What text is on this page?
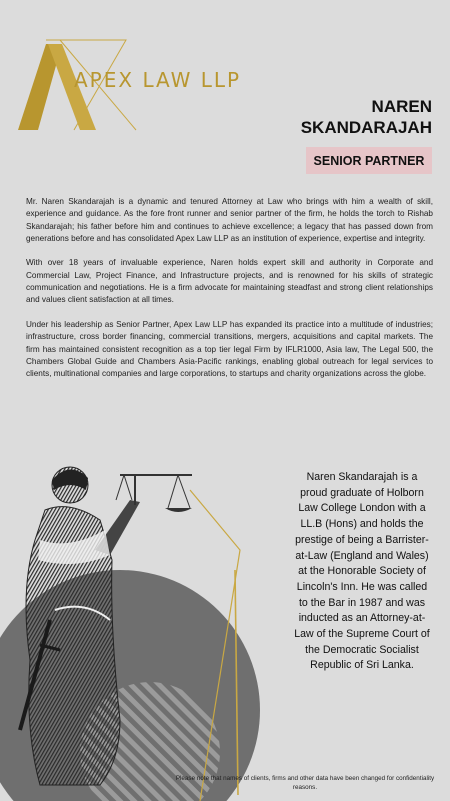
APEX LAW LLP
NAREN
SKANDARAJAH
SENIOR PARTNER

Mr. Naren Skandarajah is a dynamic and tenured Attorney at Law who brings with him a wealth of skill, experience and guidance. As the fore front runner and senior partner of the firm, he holds the torch to Rishab Skandarajah; his father before him and continues to achieve excellence; a legacy that has passed down from generations before and has consolidated Apex Law LLP as an institution of experience, expertise and integrity.

With over 18 years of invaluable experience, Naren holds expert skill and authority in Corporate and Commercial Law, Project Finance, and Infrastructure projects, and is renowned for his skills of strategic communication and negotiations. He is a firm advocate for maintaining steadfast and strong client relationships and values client satisfaction at all times.

Under his leadership as Senior Partner, Apex Law LLP has expanded its practice into a multitude of industries; infrastructure, cross border financing, commercial transitions, mergers, acquisitions and capital markets. The firm has maintained consistent recognition as a top tier legal Firm by IFLR1000, Asia law, The Legal 500, the Chambers Global Guide and Chambers Asia-Pacific rankings, enabling global outreach for legal services to clients, multinational companies and large corporations, to startups and charity organizations across the globe.

Naren Skandarajah is a proud graduate of Holborn Law College London with a LL.B (Hons) and holds the prestige of being a Barrister-at-Law (England and Wales) at the Honorable Society of Lincoln's Inn. He was called to the Bar in 1987 and was inducted as an Attorney-at-Law of the Supreme Court of the Democratic Socialist Republic of Sri Lanka.
Please note that names of clients, firms and other data have been changed for confidentiality reasons.
